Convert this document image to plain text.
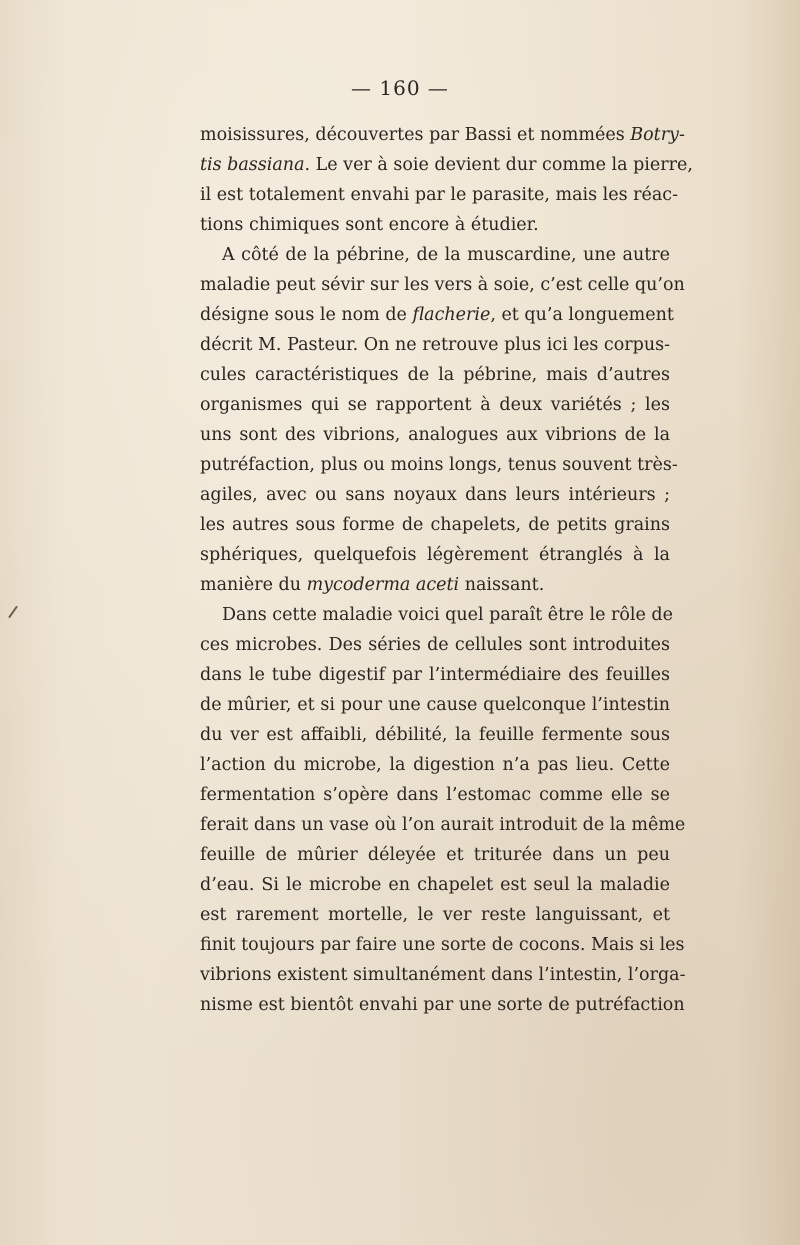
— 160 —
moisissures, découvertes par Bassi et nommées Botry-
tis bassiana. Le ver à soie devient dur comme la pierre,
il est totalement envahi par le parasite, mais les réac-
tions chimiques sont encore à étudier.
A côté de la pébrine, de la muscardine, une autre
maladie peut sévir sur les vers à soie, c’est celle qu’on
désigne sous le nom de flacherie, et qu’a longuement
décrit M. Pasteur. On ne retrouve plus ici les corpus-
cules caractéristiques de la pébrine, mais d’autres
organismes qui se rapportent à deux variétés ; les
uns sont des vibrions, analogues aux vibrions de la
putréfaction, plus ou moins longs, tenus souvent très-
agiles, avec ou sans noyaux dans leurs intérieurs ;
les autres sous forme de chapelets, de petits grains
sphériques, quelquefois légèrement étranglés à la
manière du mycoderma aceti naissant.
Dans cette maladie voici quel paraît être le rôle de
ces microbes. Des séries de cellules sont introduites
dans le tube digestif par l’intermédiaire des feuilles
de mûrier, et si pour une cause quelconque l’intestin
du ver est affaibli, débilité, la feuille fermente sous
l’action du microbe, la digestion n’a pas lieu. Cette
fermentation s’opère dans l’estomac comme elle se
ferait dans un vase où l’on aurait introduit de la même
feuille de mûrier déleyée et triturée dans un peu
d’eau. Si le microbe en chapelet est seul la maladie
est rarement mortelle, le ver reste languissant, et
finit toujours par faire une sorte de cocons. Mais si les
vibrions existent simultanément dans l’intestin, l’orga-
nisme est bientôt envahi par une sorte de putréfaction
